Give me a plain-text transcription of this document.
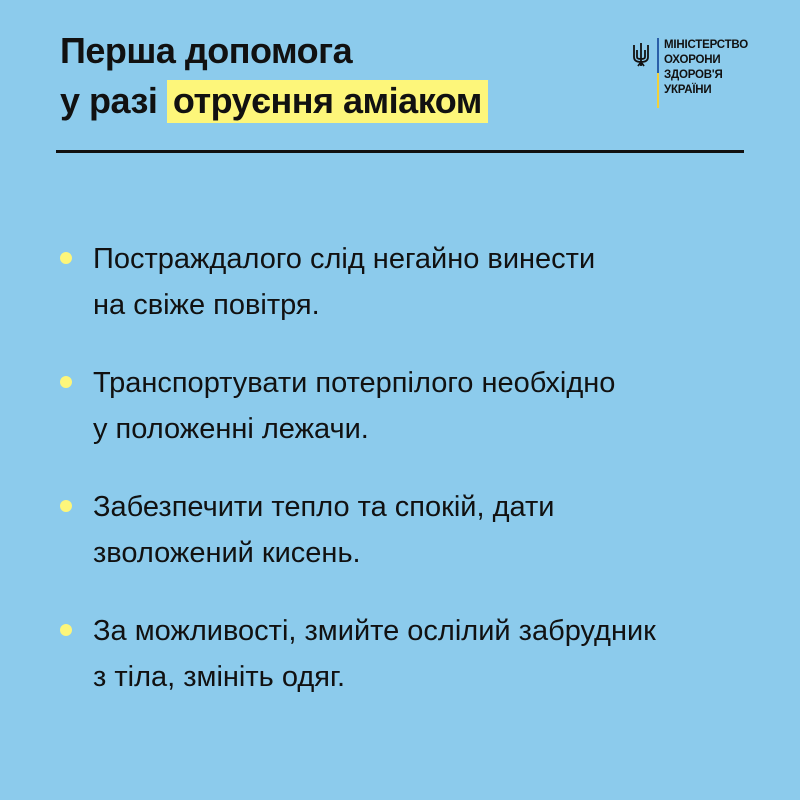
Перша допомога
у разі отруєння аміаком
МІНІСТЕРСТВО
ОХОРОНИ
ЗДОРОВ'Я
УКРАЇНИ
Постраждалого слід негайно винести
на свіже повітря.
Транспортувати потерпілого необхідно
у положенні лежачи.
Забезпечити тепло та спокій, дати
зволожений кисень.
За можливості, змийте ослілий забрудник
з тіла, змініть одяг.
